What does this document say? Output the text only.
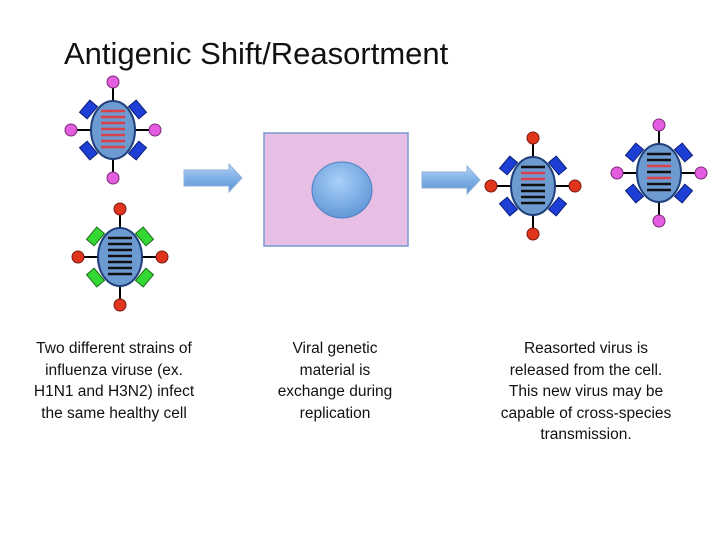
Antigenic Shift/Reasortment
Two different strains of
influenza viruse (ex.
H1N1 and H3N2) infect
the same healthy cell
Viral genetic
material is
exchange during
replication
Reasorted virus is
released from the cell.
This new virus may be
capable of cross-species
transmission.
